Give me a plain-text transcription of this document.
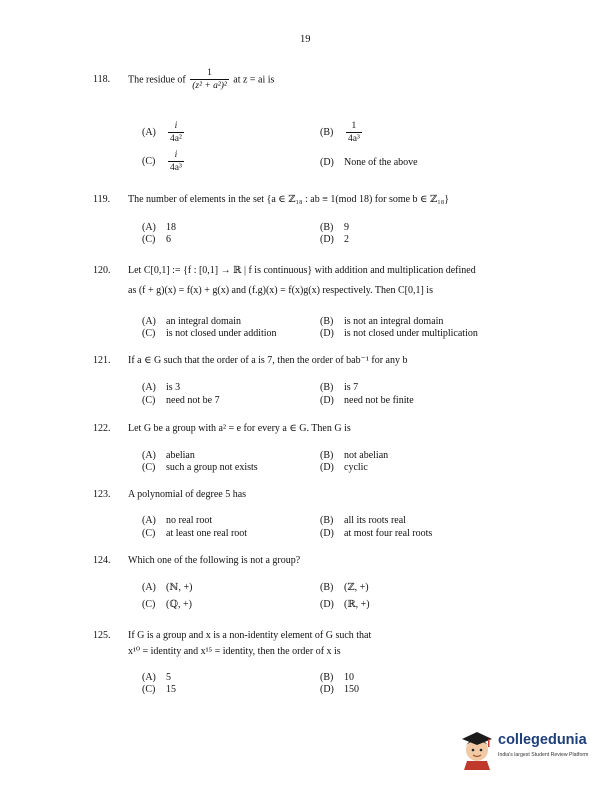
19
118. The residue of $\frac{1}{\text{(z² + a²)²}}$ at z = ai is
$(A) \frac{i}{\text{4a²}}$	$(B) \frac{1}{\text{4a³}}$
$(C) \frac{i}{\text{4a³}}$	(D) None of the above
119. The number of elements in the set {a ∈ ℤ₁₈ : ab ≡ 1(mod 18) for some b ∈ ℤ₁₈}
(A) 18	(B) 9
(C) 6	(D) 2
120. Let C[0,1] := {f : [0,1] → ℝ | f is continuous} with addition and multiplication defined
as (f + g)(x) = f(x) + g(x) and (f.g)(x) = f(x)g(x) respectively. Then C[0,1] is
(A) an integral domain	(B) is not an integral domain
(C) is not closed under addition	(D) is not closed under multiplication
121. If a ∈ G such that the order of a is 7, then the order of bab⁻¹ for any b
(A) is 3	(B) is 7
(C) need not be 7	(D) need not be finite
122. Let G be a group with a² = e for every a ∈ G. Then G is
(A) abelian	(B) not abelian
(C) such a group not exists	(D) cyclic
123. A polynomial of degree 5 has
(A) no real root	(B) all its roots real
(C) at least one real root	(D) at most four real roots
124. Which one of the following is not a group?
(A) (ℕ, +)	(B) (ℤ, +)
(C) (ℚ, +)	(D) (ℝ, +)
125. If G is a group and x is a non-identity element of G such that
x¹⁰ = identity and x¹⁵ = identity, then the order of x is
(A) 5	(B) 10
(C) 15	(D) 150
collegedunia
India's largest Student Review Platform
